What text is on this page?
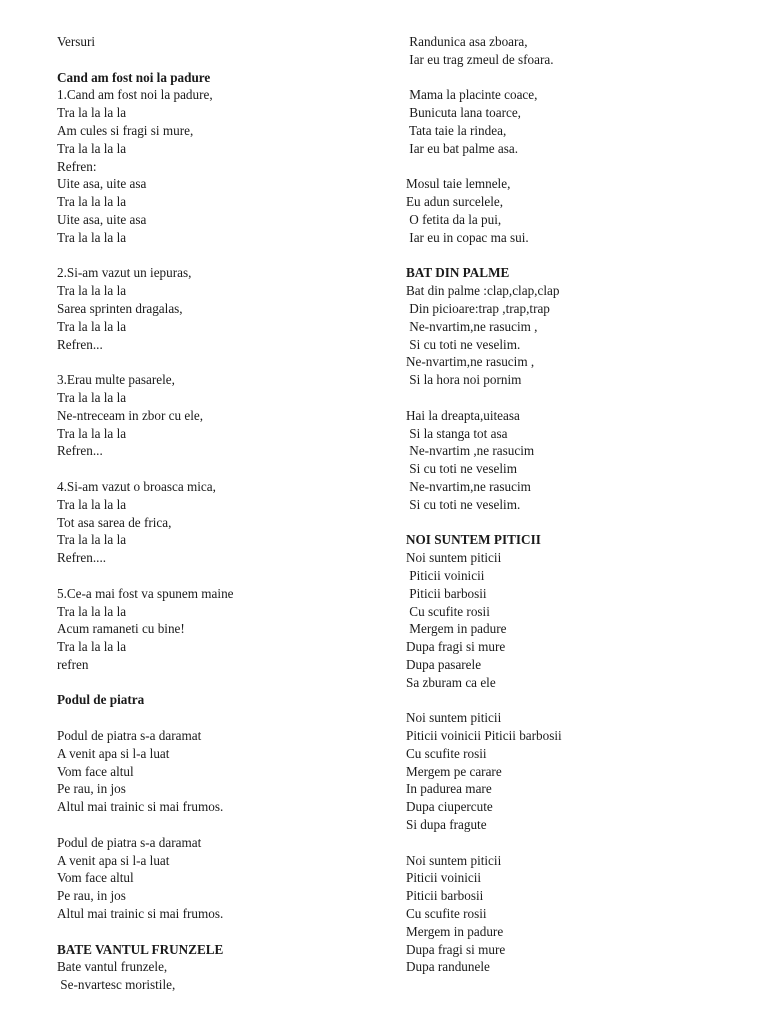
Versuri
Cand am fost noi la padure
1.Cand am fost noi la padure,
Tra la la la la
Am cules si fragi si mure,
Tra la la la la
Refren:
Uite asa, uite asa
Tra la la la la
Uite asa, uite asa
Tra la la la la
2.Si-am vazut un iepuras,
Tra la la la la
Sarea sprinten dragalas,
Tra la la la la
Refren...
3.Erau multe pasarele,
Tra la la la la
Ne-ntreceam in zbor cu ele,
Tra la la la la
Refren...
4.Si-am vazut o broasca mica,
Tra la la la la
Tot asa sarea de frica,
Tra la la la la
Refren....
5.Ce-a mai fost va spunem maine
Tra la la la la
Acum ramaneti cu bine!
Tra la la la la
refren
Podul de piatra
Podul de piatra s-a daramat
A venit apa si l-a luat
Vom face altul
Pe rau, in jos
Altul mai trainic si mai frumos.
Podul de piatra s-a daramat
A venit apa si l-a luat
Vom face altul
Pe rau, in jos
Altul mai trainic si mai frumos.
BATE VANTUL FRUNZELE
Bate vantul frunzele,
Se-nvartesc moristile,
Randunica asa zboara,
Iar eu trag zmeul de sfoara.
Mama la placinte coace,
Bunicuta lana toarce,
Tata taie la rindea,
Iar eu bat palme asa.
Mosul taie lemnele,
Eu adun surcelele,
O fetita da la pui,
Iar eu in copac ma sui.
BAT DIN PALME
Bat din palme :clap,clap,clap
Din picioare:trap ,trap,trap
Ne-nvartim,ne rasucim ,
Si cu toti ne veselim.
Ne-nvartim,ne rasucim ,
Si la hora noi pornim
Hai la dreapta,uiteasa
Si la stanga tot asa
Ne-nvartim ,ne rasucim
Si cu toti ne veselim
Ne-nvartim,ne rasucim
Si cu toti ne veselim.
NOI SUNTEM PITICII
Noi suntem piticii
Piticii voinicii
Piticii barbosii
Cu scufite rosii
Mergem in padure
Dupa fragi si mure
Dupa pasarele
Sa zburam ca ele
Noi suntem piticii
Piticii voinicii Piticii barbosii
Cu scufite rosii
Mergem pe carare
In padurea mare
Dupa ciupercute
Si dupa fragute
Noi suntem piticii
Piticii voinicii
Piticii barbosii
Cu scufite rosii
Mergem in padure
Dupa fragi si mure
Dupa randunele
